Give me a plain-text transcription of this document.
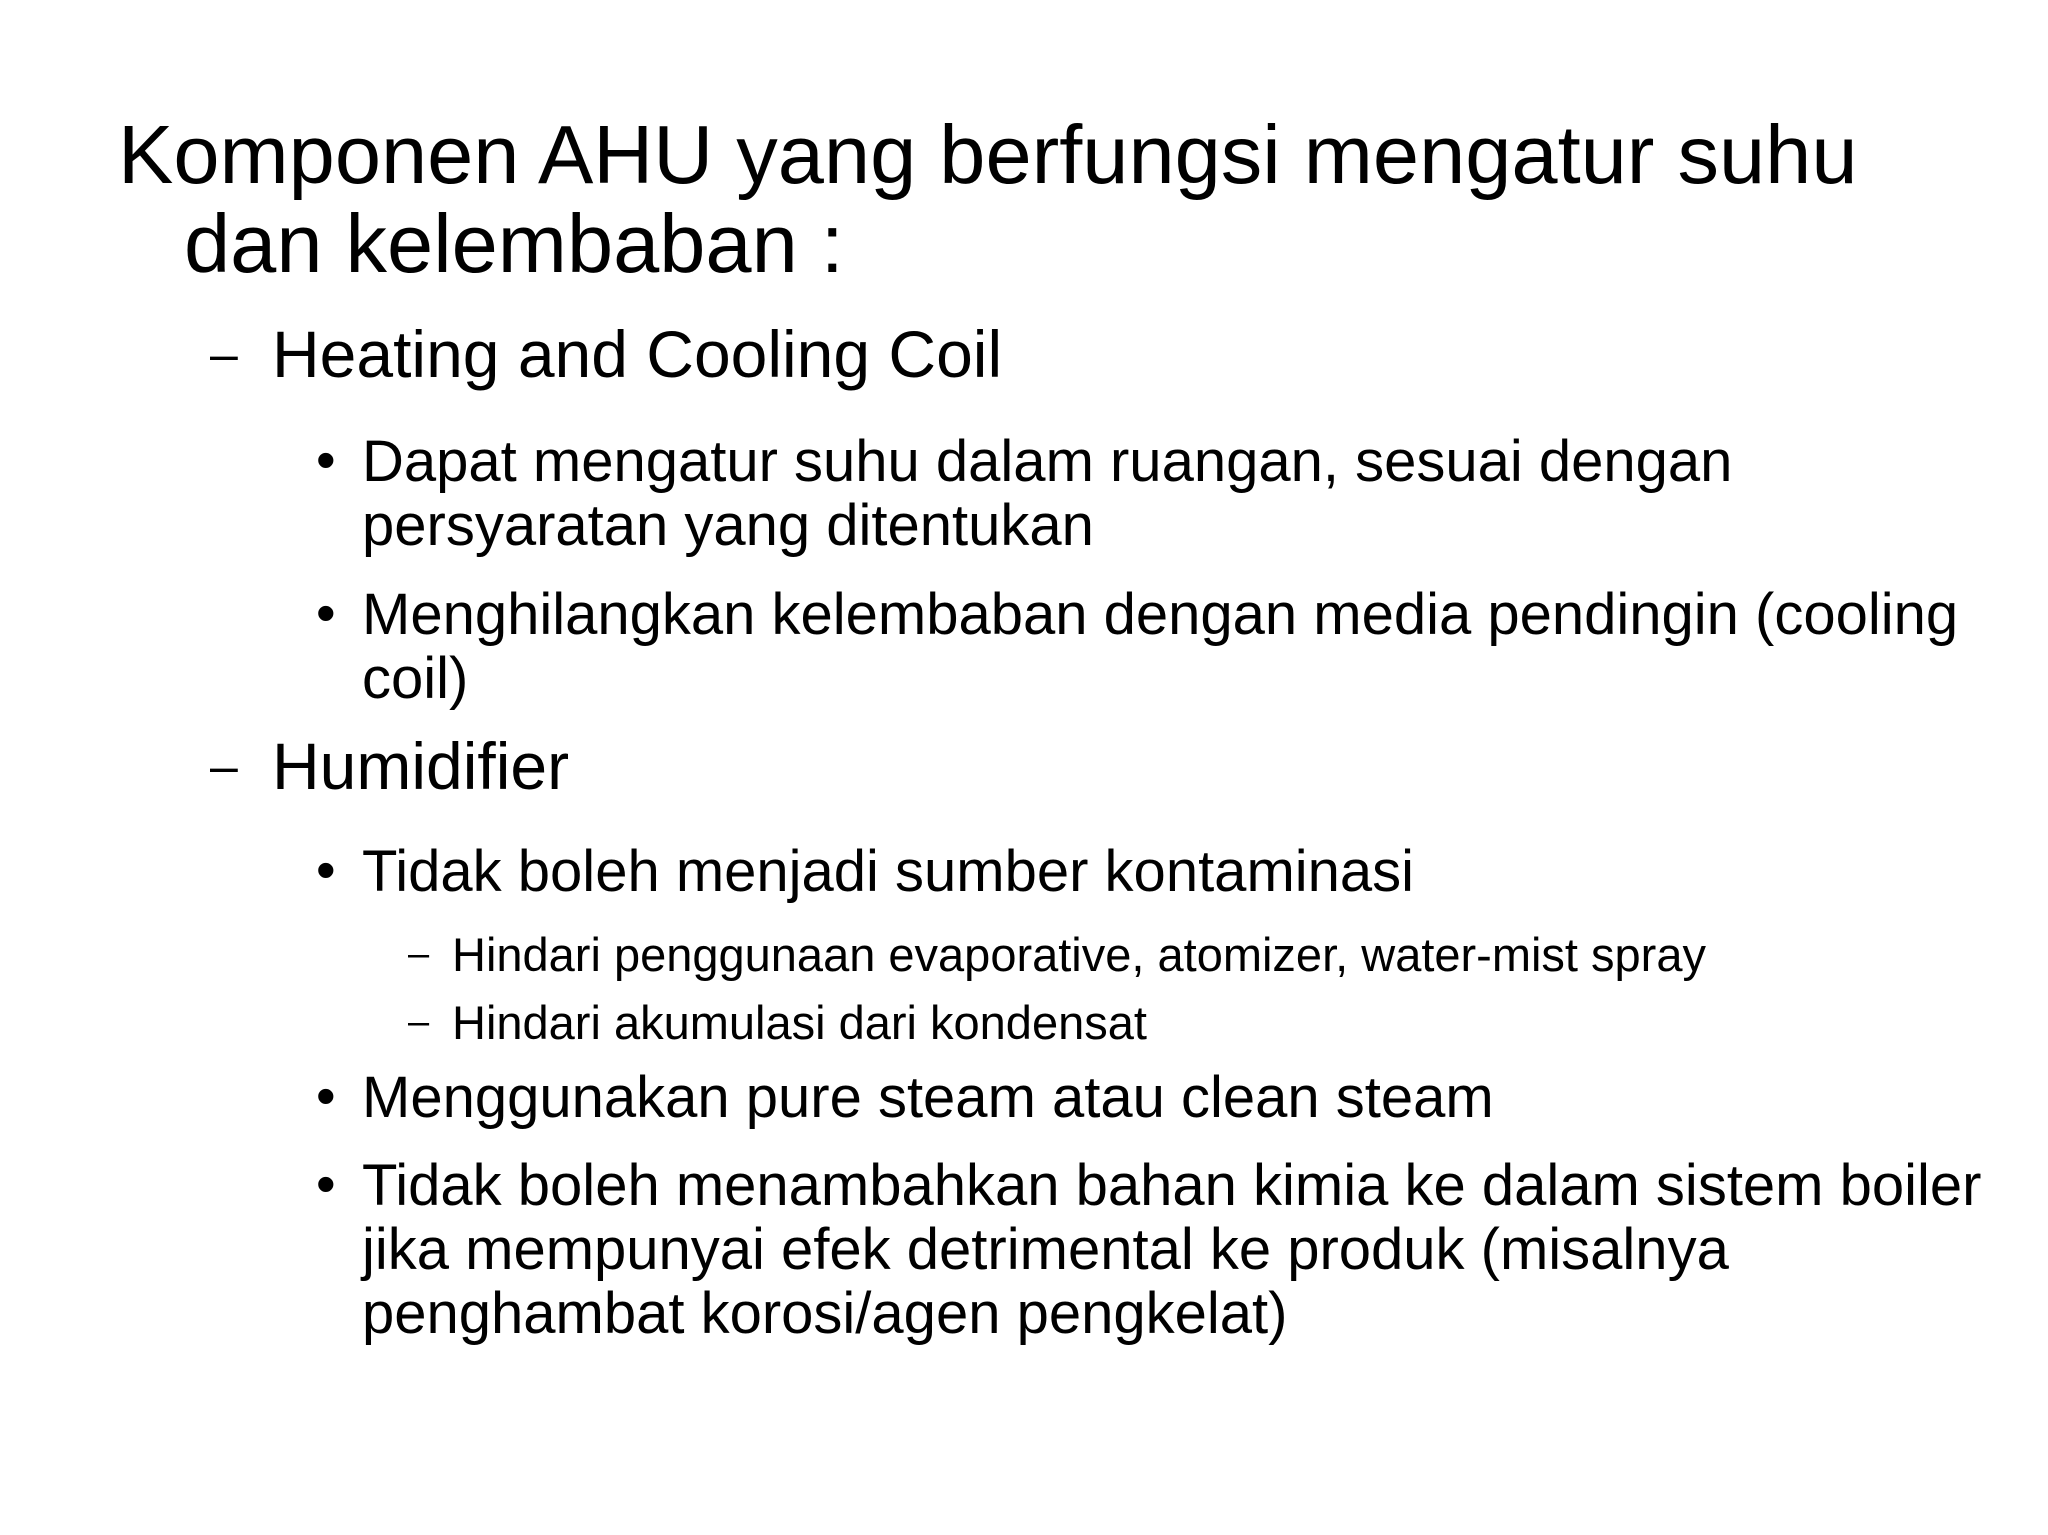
Komponen AHU yang berfungsi mengatur suhu dan kelembaban :
– Heating and Cooling Coil
• Dapat mengatur suhu dalam ruangan, sesuai dengan persyaratan yang ditentukan
• Menghilangkan kelembaban dengan media pendingin (cooling coil)
– Humidifier
• Tidak boleh menjadi sumber kontaminasi
– Hindari penggunaan evaporative, atomizer, water-mist spray
– Hindari akumulasi dari kondensat
• Menggunakan pure steam atau clean steam
• Tidak boleh menambahkan bahan kimia ke dalam sistem boiler jika mempunyai efek detrimental ke produk (misalnya penghambat korosi/agen pengkelat)
